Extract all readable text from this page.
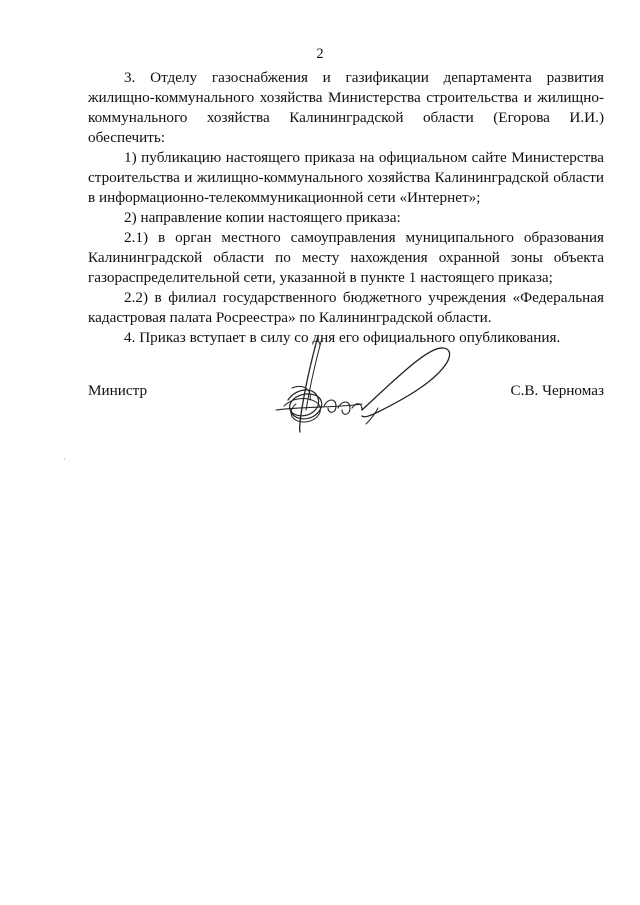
2

3. Отделу газоснабжения и газификации департамента развития жилищно-коммунального хозяйства Министерства строительства и жилищно-коммунального хозяйства Калининградской области (Егорова И.И.) обеспечить:

1) публикацию настоящего приказа на официальном сайте Министерства строительства и жилищно-коммунального хозяйства Калининградской области в информационно-телекоммуникационной сети «Интернет»;

2) направление копии настоящего приказа:

2.1) в орган местного самоуправления муниципального образования Калининградской области по месту нахождения охранной зоны объекта газораспределительной сети, указанной в пункте 1 настоящего приказа;

2.2) в филиал государственного бюджетного учреждения «Федеральная кадастровая палата Росреестра» по Калининградской области.

4. Приказ вступает в силу со дня его официального опубликования.

Министр	С.В. Черномаз
